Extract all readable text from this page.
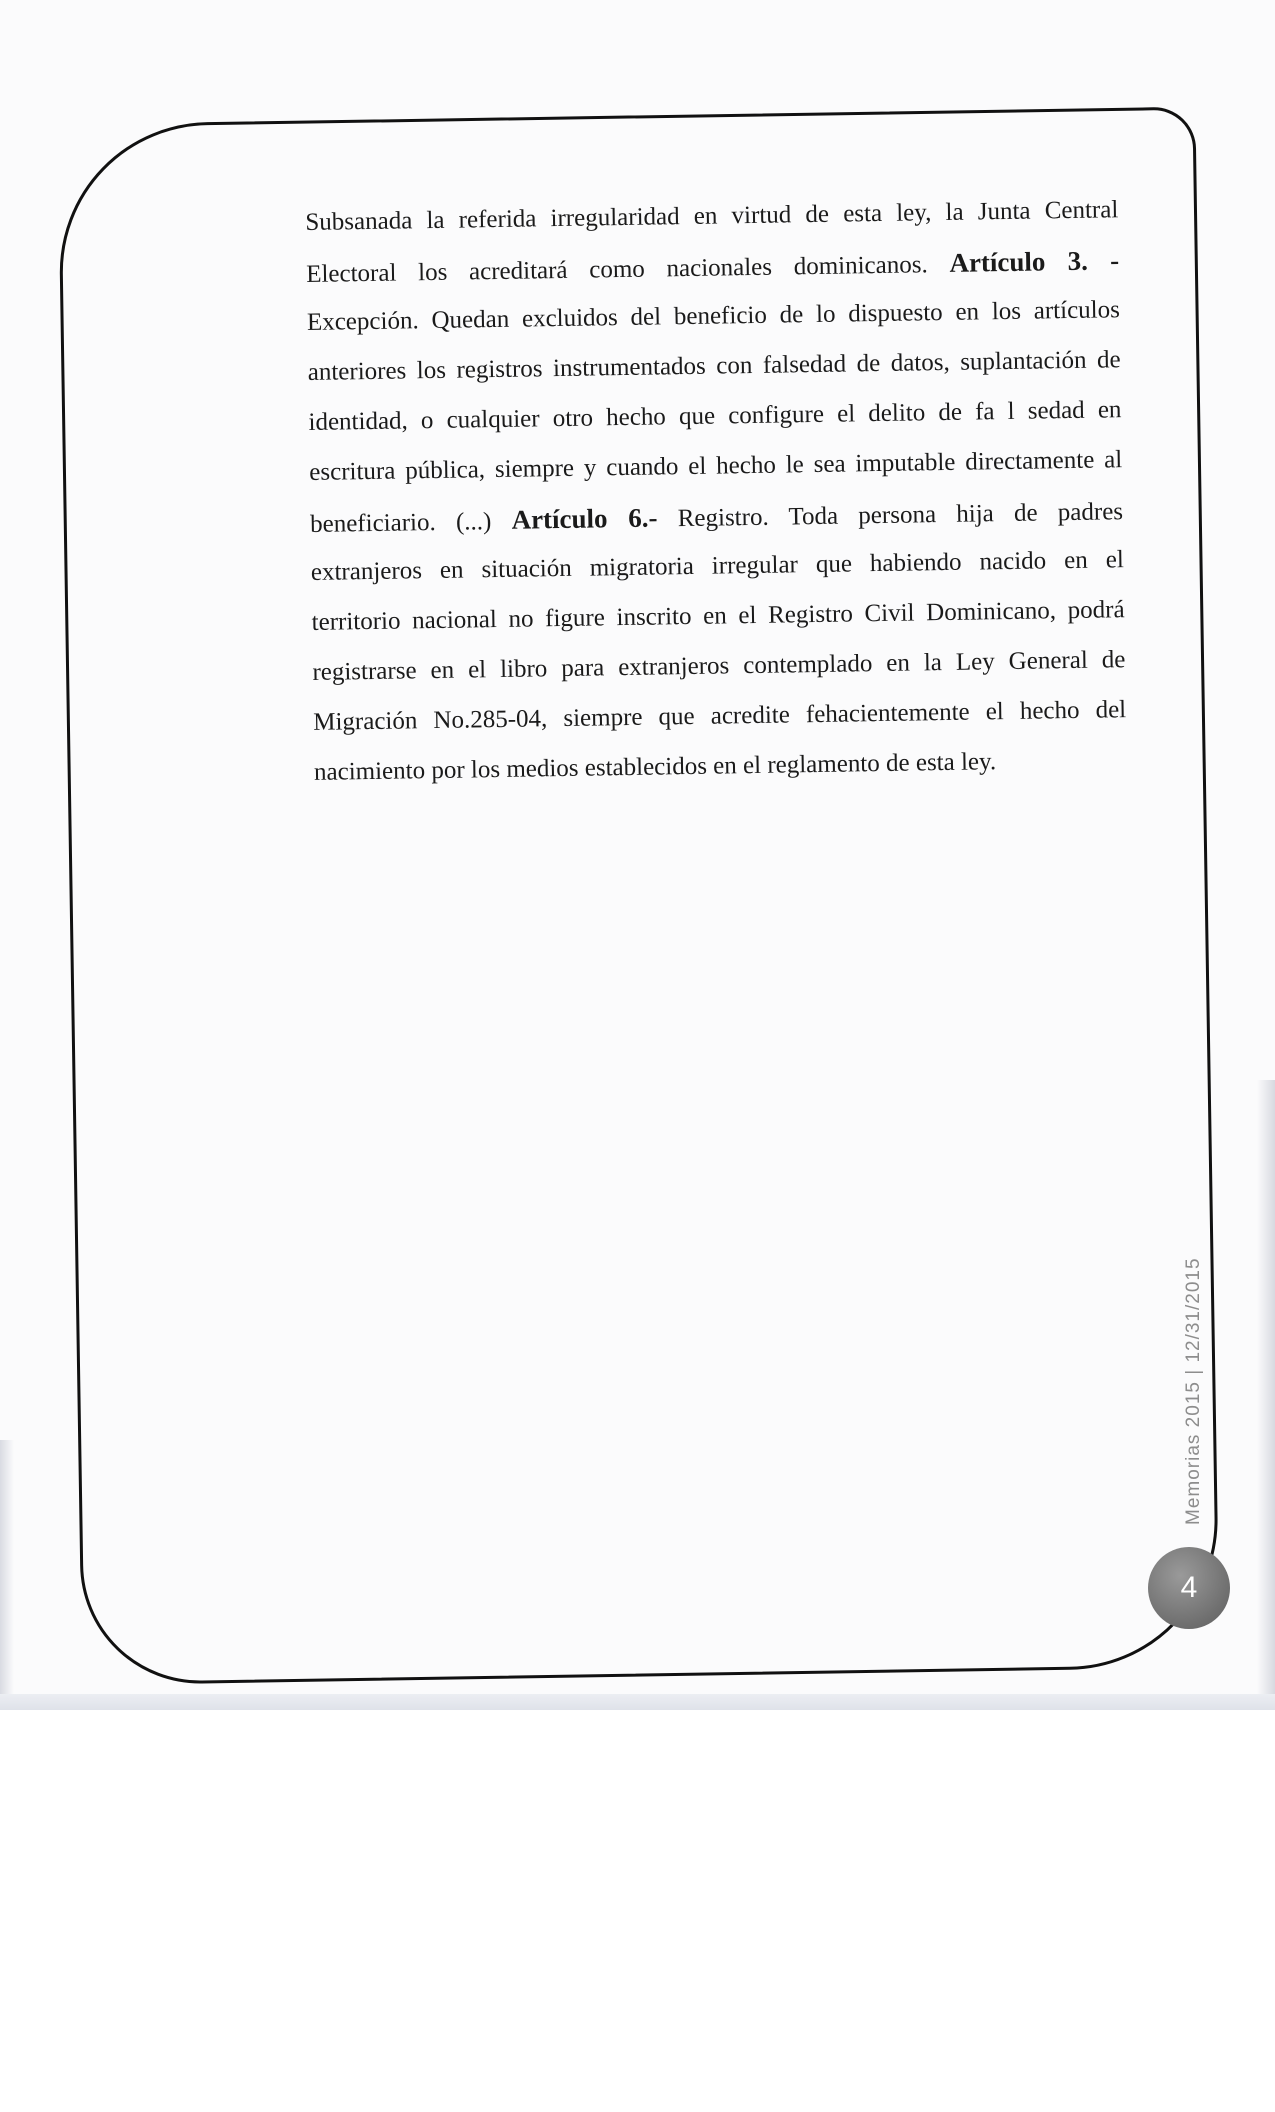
Subsanada la referida irregularidad en virtud de esta ley, la Junta Central
Electoral los acreditará como nacionales dominicanos. Artículo 3. -
Excepción. Quedan excluidos del beneficio de lo dispuesto en los artículos
anteriores los registros instrumentados con falsedad de datos, suplantación de
identidad, o cualquier otro hecho que configure el delito de fa l sedad en
escritura pública, siempre y cuando el hecho le sea imputable directamente al
beneficiario. (...) Artículo 6.- Registro. Toda persona hija de padres
extranjeros en situación migratoria irregular que habiendo nacido en el
territorio nacional no figure inscrito en el Registro Civil Dominicano, podrá
registrarse en el libro para extranjeros contemplado en la Ley General de
Migración No.285-04, siempre que acredite fehacientemente el hecho del
nacimiento por los medios establecidos en el reglamento de esta ley.
Memorias 2015 | 12/31/2015
4
